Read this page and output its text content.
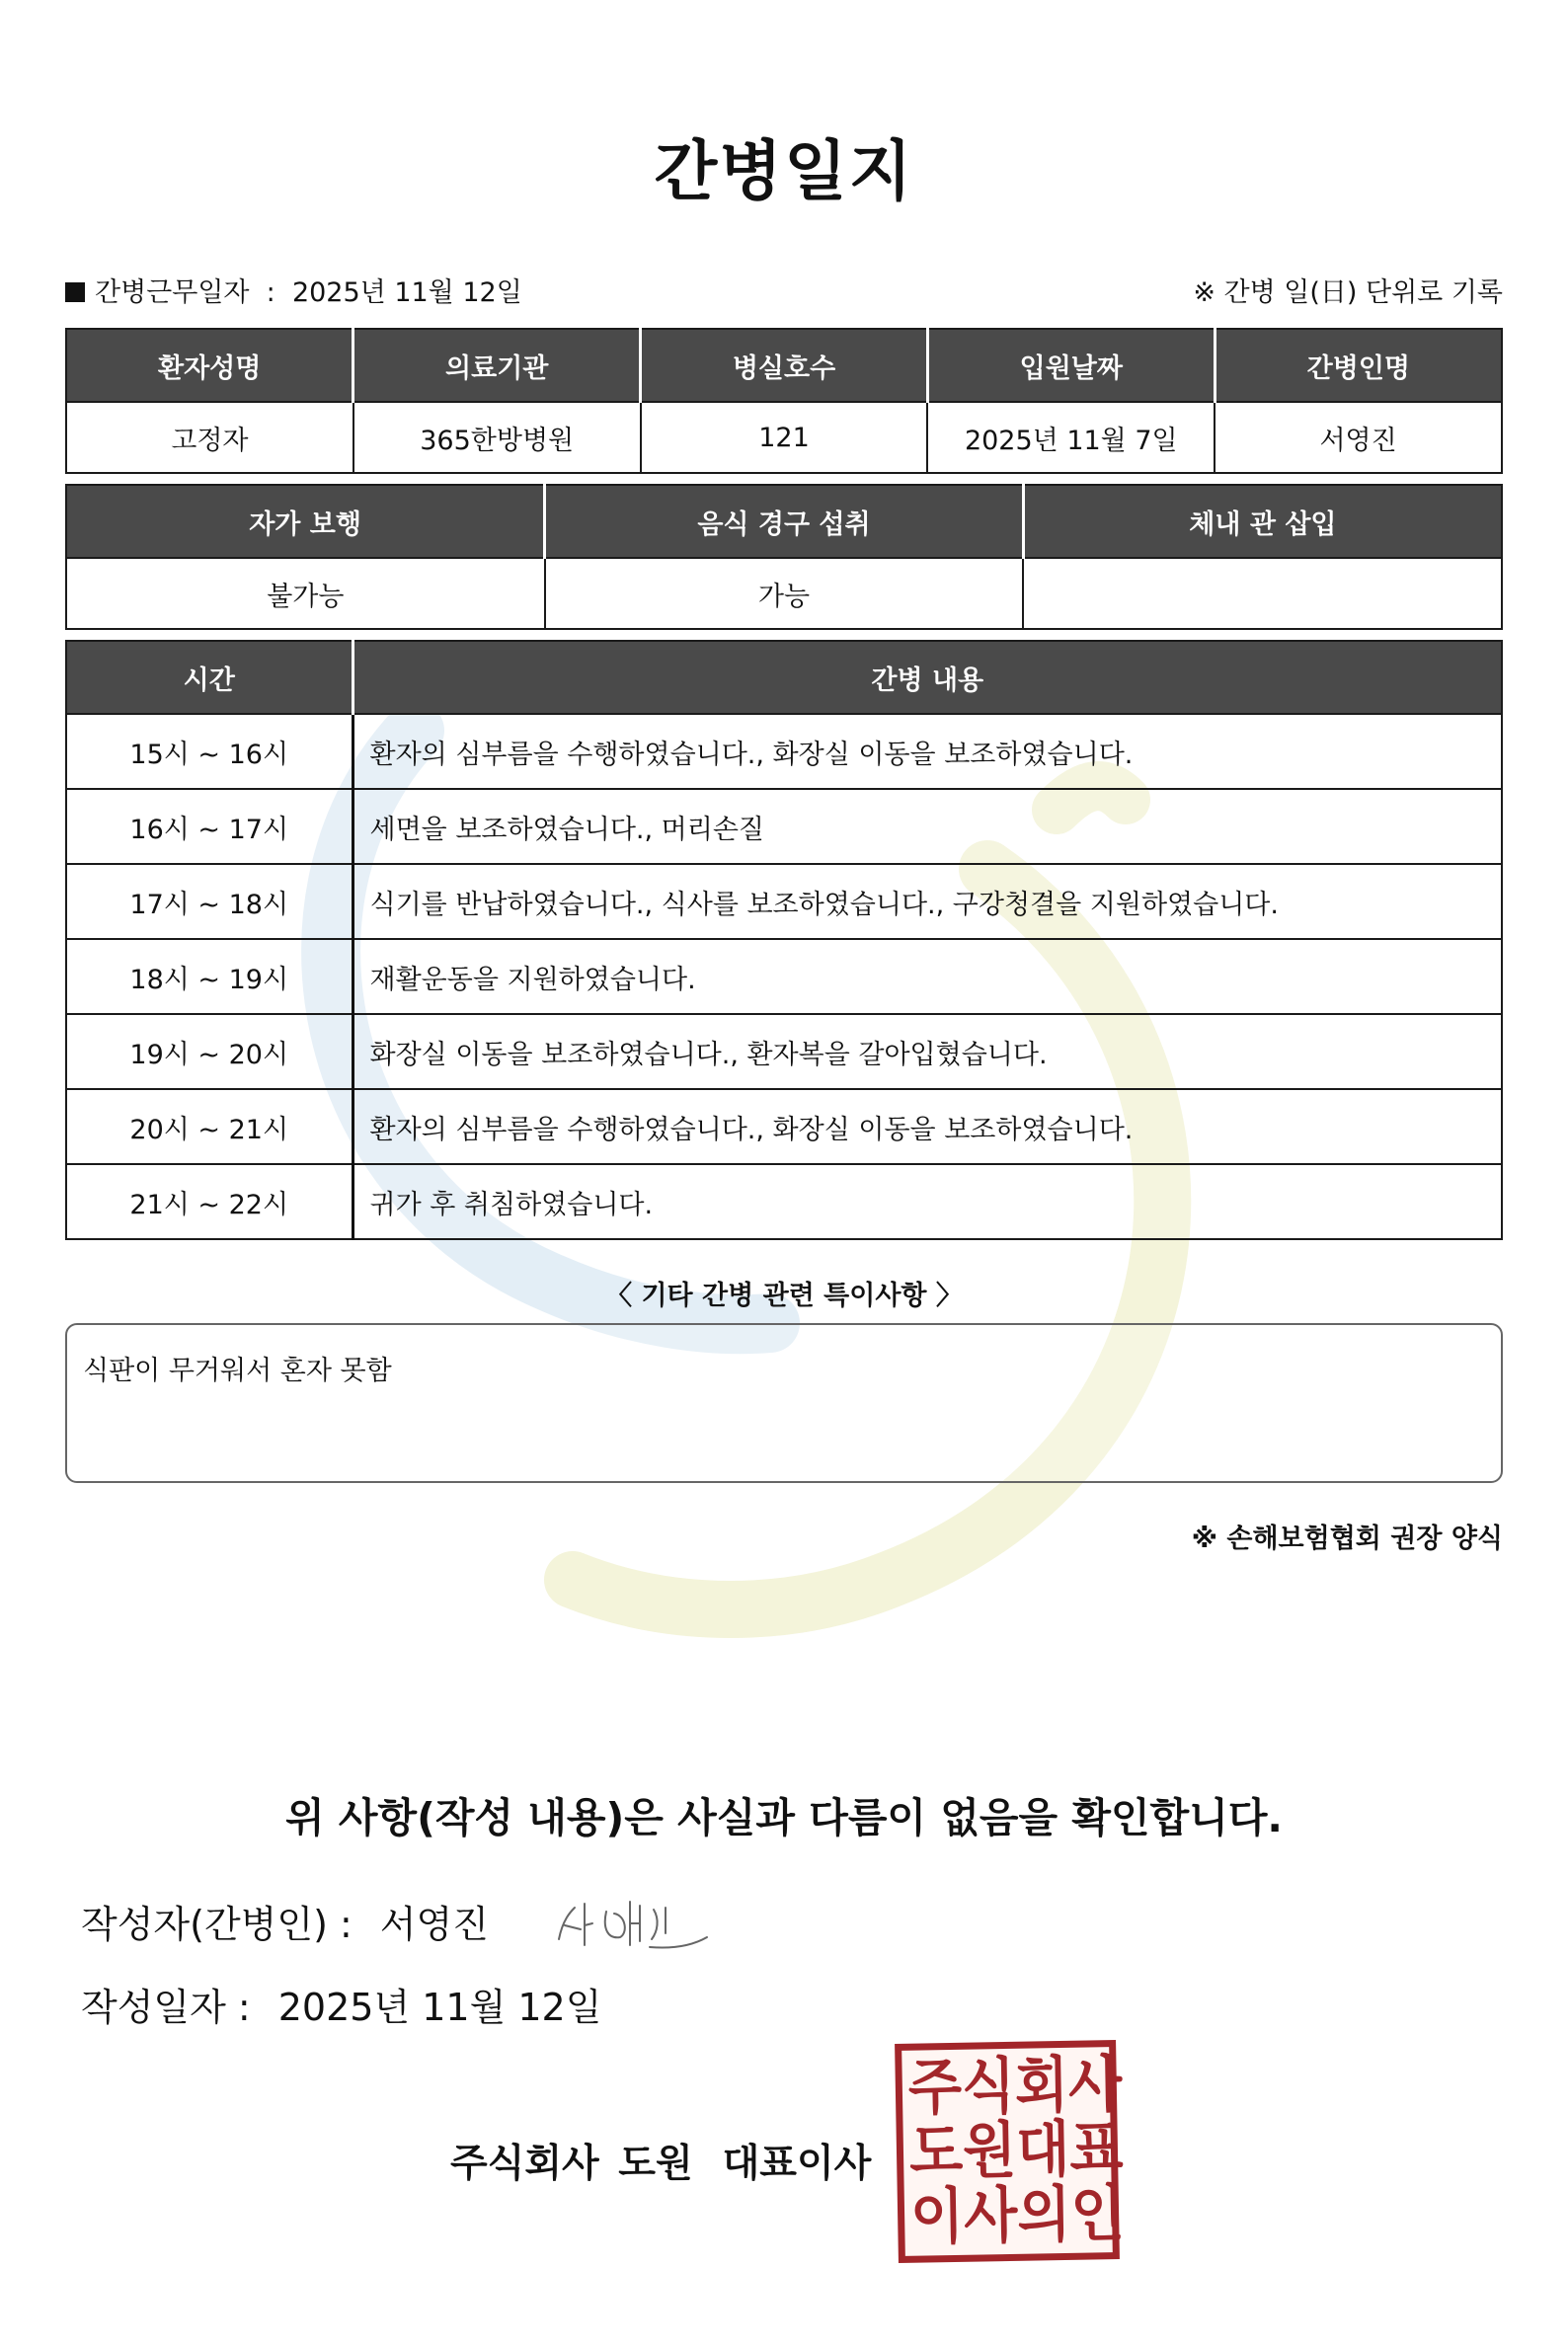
간병일지
간병근무일자  :  2025년 11월 12일	※ 간병 일(日) 단위로 기록
환자성명	의료기관	병실호수	입원날짜	간병인명
고정자	365한방병원	121	2025년 11월 7일	서영진
자가 보행	음식 경구 섭취	체내 관 삽입
불가능	가능	
시간	간병 내용
15시 ~ 16시	환자의 심부름을 수행하였습니다., 화장실 이동을 보조하였습니다.
16시 ~ 17시	세면을 보조하였습니다., 머리손질
17시 ~ 18시	식기를 반납하였습니다., 식사를 보조하였습니다., 구강청결을 지원하였습니다.
18시 ~ 19시	재활운동을 지원하였습니다.
19시 ~ 20시	화장실 이동을 보조하였습니다., 환자복을 갈아입혔습니다.
20시 ~ 21시	환자의 심부름을 수행하였습니다., 화장실 이동을 보조하였습니다.
21시 ~ 22시	귀가 후 취침하였습니다.
〈 기타 간병 관련 특이사항 〉
식판이 무거워서 혼자 못함
※ 손해보험협회 권장 양식
위 사항(작성 내용)은 사실과 다름이 없음을 확인합니다.
작성자(간병인) : 서영진
작성일자 : 2025년 11월 12일
주식회사 도원 대표이사
주
식
회
사
도
원
대
표
이
사
의
인
